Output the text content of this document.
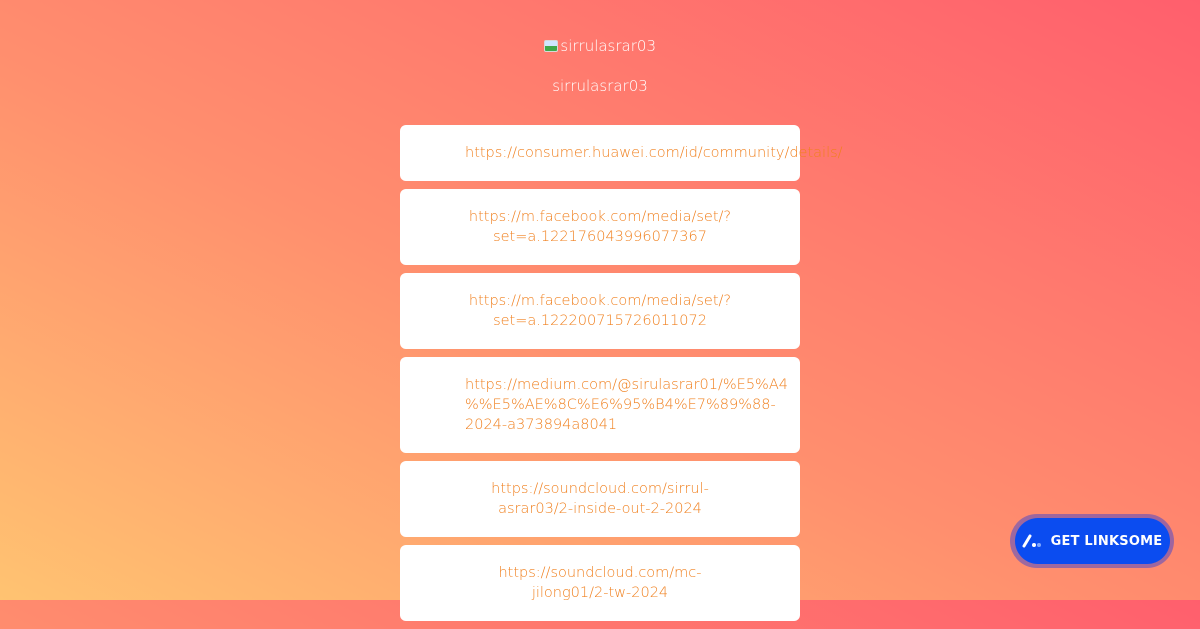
sirrulasrar03
sirrulasrar03
https://consumer.huawei.com/id/community/details/
https://m.facebook.com/media/set/?set=a.122176043996077367
https://m.facebook.com/media/set/?set=a.122200715726011072
https://medium.com/@sirulasrar01/%E5%A4%%E5%AE%8C%E6%95%B4%E7%89%88-2024-a373894a8041
https://soundcloud.com/sirrul-asrar03/2-inside-out-2-2024
https://soundcloud.com/mc-jilong01/2-tw-2024
GET LINKSOME
